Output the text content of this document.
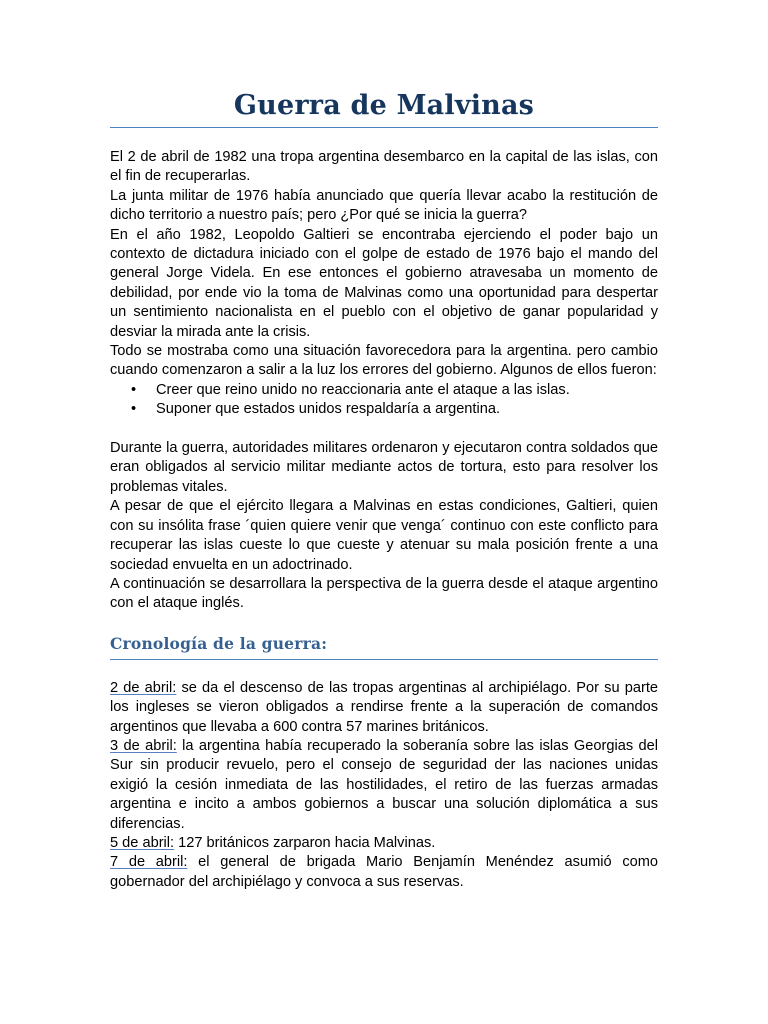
Guerra de Malvinas

El 2 de abril de 1982 una tropa argentina desembarco en la capital de las islas, con el fin de recuperarlas.

La junta militar de 1976 había anunciado que quería llevar acabo la restitución de dicho territorio a nuestro país; pero ¿Por qué se inicia la guerra?

En el año 1982, Leopoldo Galtieri se encontraba ejerciendo el poder bajo un contexto de dictadura iniciado con el golpe de estado de 1976 bajo el mando del general Jorge Videla. En ese entonces el gobierno atravesaba un momento de debilidad, por ende vio la toma de Malvinas como una oportunidad para despertar un sentimiento nacionalista en el pueblo con el objetivo de ganar popularidad y desviar la mirada ante la crisis.

Todo se mostraba como una situación favorecedora para la argentina. pero cambio cuando comenzaron a salir a la luz los errores del gobierno. Algunos de ellos fueron:

• Creer que reino unido no reaccionaria ante el ataque a las islas.
• Suponer que estados unidos respaldaría a argentina.

Durante la guerra, autoridades militares ordenaron y ejecutaron contra soldados que eran obligados al servicio militar mediante actos de tortura, esto para resolver los problemas vitales.

A pesar de que el ejército llegara a Malvinas en estas condiciones, Galtieri, quien con su insólita frase ´quien quiere venir que venga´ continuo con este conflicto para recuperar las islas cueste lo que cueste y atenuar su mala posición frente a una sociedad envuelta en un adoctrinado.

A continuación se desarrollara la perspectiva de la guerra desde el ataque argentino con el ataque inglés.

Cronología de la guerra:

2 de abril: se da el descenso de las tropas argentinas al archipiélago. Por su parte los ingleses se vieron obligados a rendirse frente a la superación de comandos argentinos que llevaba a 600 contra 57 marines británicos.

3 de abril: la argentina había recuperado la soberanía sobre las islas Georgias del Sur sin producir revuelo, pero el consejo de seguridad der las naciones unidas exigió la cesión inmediata de las hostilidades, el retiro de las fuerzas armadas argentina e incito a ambos gobiernos a buscar una solución diplomática a sus diferencias.

5 de abril: 127 británicos zarparon hacia Malvinas.

7 de abril: el general de brigada Mario Benjamín Menéndez asumió como gobernador del archipiélago y convoca a sus reservas.
